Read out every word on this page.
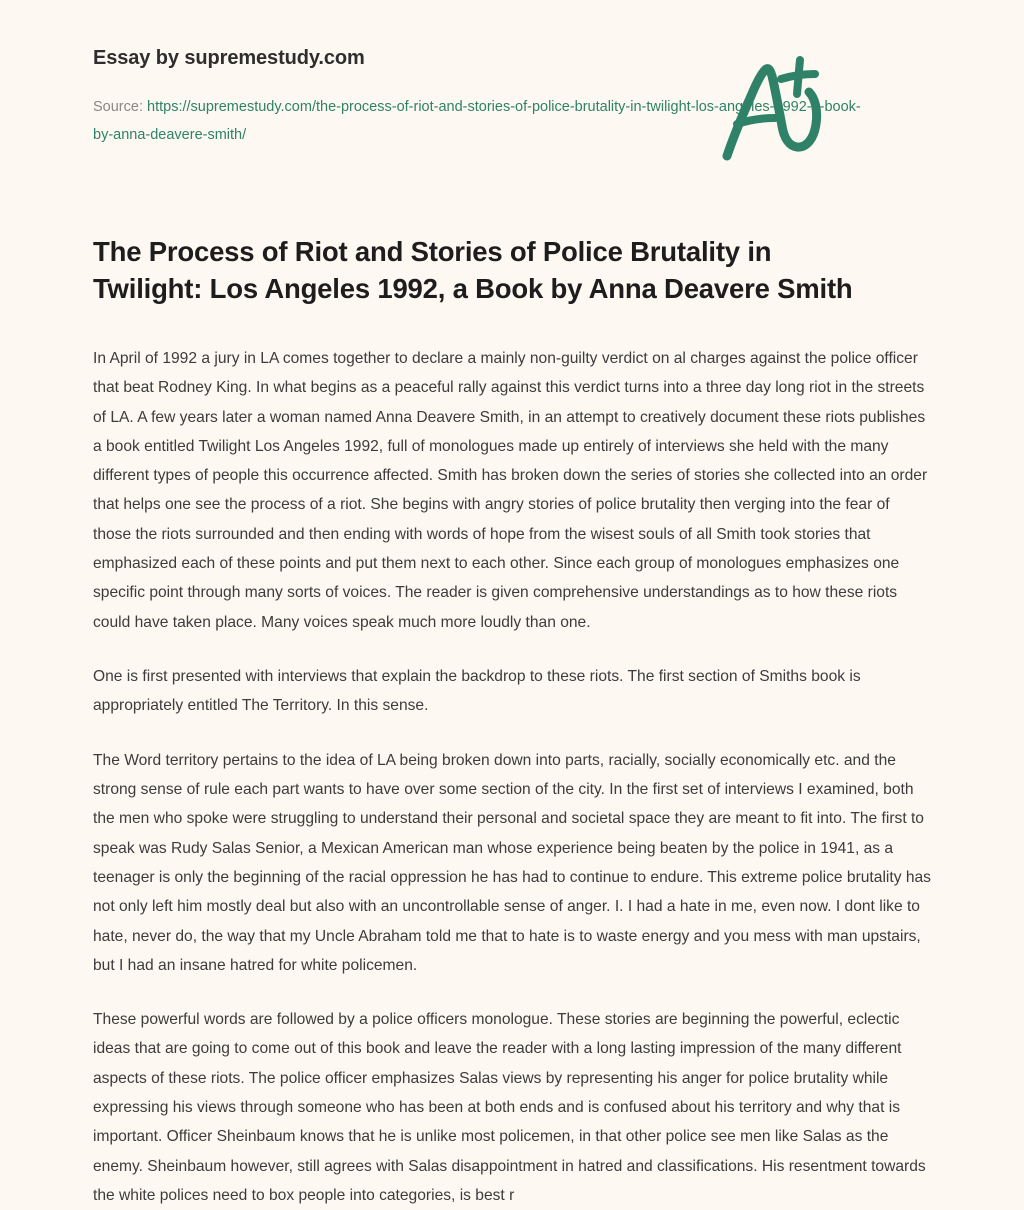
Essay by supremestudy.com
Source: https://supremestudy.com/the-process-of-riot-and-stories-of-police-brutality-in-twilight-los-angeles-1992-a-book-by-anna-deavere-smith/
The Process of Riot and Stories of Police Brutality in Twilight: Los Angeles 1992, a Book by Anna Deavere Smith

In April of 1992 a jury in LA comes together to declare a mainly non-guilty verdict on al charges against the police officer that beat Rodney King. In what begins as a peaceful rally against this verdict turns into a three day long riot in the streets of LA. A few years later a woman named Anna Deavere Smith, in an attempt to creatively document these riots publishes a book entitled Twilight Los Angeles 1992, full of monologues made up entirely of interviews she held with the many different types of people this occurrence affected. Smith has broken down the series of stories she collected into an order that helps one see the process of a riot. She begins with angry stories of police brutality then verging into the fear of those the riots surrounded and then ending with words of hope from the wisest souls of all Smith took stories that emphasized each of these points and put them next to each other. Since each group of monologues emphasizes one specific point through many sorts of voices. The reader is given comprehensive understandings as to how these riots could have taken place. Many voices speak much more loudly than one.

One is first presented with interviews that explain the backdrop to these riots. The first section of Smiths book is appropriately entitled The Territory. In this sense.

The Word territory pertains to the idea of LA being broken down into parts, racially, socially economically etc. and the strong sense of rule each part wants to have over some section of the city. In the first set of interviews I examined, both the men who spoke were struggling to understand their personal and societal space they are meant to fit into. The first to speak was Rudy Salas Senior, a Mexican American man whose experience being beaten by the police in 1941, as a teenager is only the beginning of the racial oppression he has had to continue to endure. This extreme police brutality has not only left him mostly deal but also with an uncontrollable sense of anger. I. I had a hate in me, even now. I dont like to hate, never do, the way that my Uncle Abraham told me that to hate is to waste energy and you mess with man upstairs, but I had an insane hatred for white policemen.

These powerful words are followed by a police officers monologue. These stories are beginning the powerful, eclectic ideas that are going to come out of this book and leave the reader with a long lasting impression of the many different aspects of these riots. The police officer emphasizes Salas views by representing his anger for police brutality while expressing his views through someone who has been at both ends and is confused about his territory and why that is important. Officer Sheinbaum knows that he is unlike most policemen, in that other police see men like Salas as the enemy. Sheinbaum however, still agrees with Salas disappointment in hatred and classifications. His resentment towards the white polices need to box people into categories, is best r
